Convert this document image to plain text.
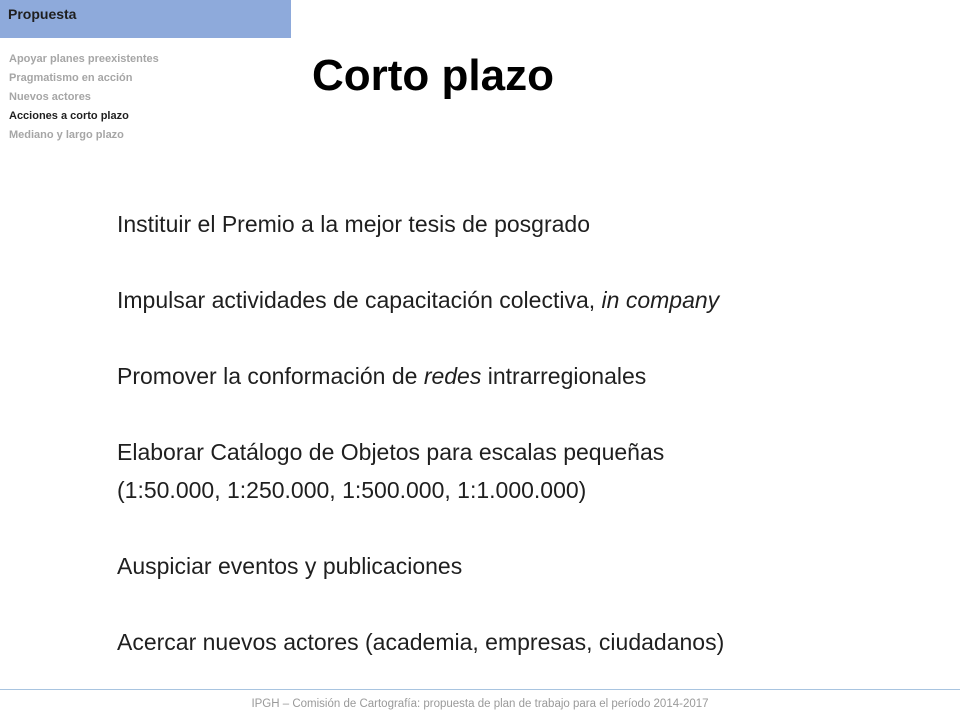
Propuesta
Apoyar planes preexistentes
Pragmatismo en acción
Nuevos actores
Acciones a corto plazo
Mediano y largo plazo
Corto plazo
Instituir el Premio a la mejor tesis de posgrado
Impulsar actividades de capacitación colectiva, in company
Promover la conformación de redes intrarregionales
Elaborar Catálogo de Objetos para escalas pequeñas
(1:50.000, 1:250.000, 1:500.000, 1:1.000.000)
Auspiciar eventos y publicaciones
Acercar nuevos actores (academia, empresas, ciudadanos)
IPGH – Comisión de Cartografía: propuesta de plan de trabajo para el período 2014-2017
